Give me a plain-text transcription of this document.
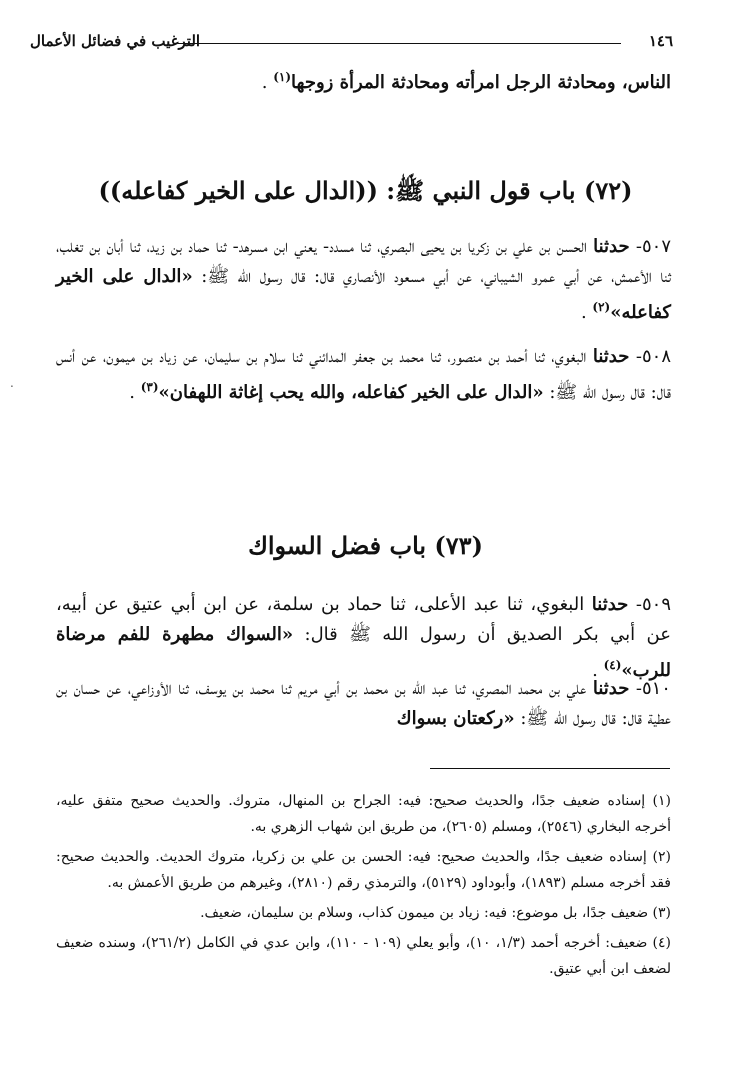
١٤٦
الترغيب في فضائل الأعمال
الناس، ومحادثة الرجل امرأته ومحادثة المرأة زوجها$^{(١)}$ .
(٧٢) باب قول النبي ﷺ: ((الدال على الخير كفاعله))
٥٠٧- حدثنا الحسن بن علي بن زكريا بن يحيى البصري، ثنا مسدد- يعني ابن مسرهد- ثنا حماد بن زيد، ثنا أبان بن تغلب، ثنا الأعمش، عن أبي عمرو الشيباني، عن أبي مسعود الأنصاري قال: قال رسول الله ﷺ: «الدال على الخير كفاعله»$^{(٢)}$ .
.
٥٠٨- حدثنا البغوي، ثنا أحمد بن منصور، ثنا محمد بن جعفر المدائني ثنا سلام بن سليمان، عن زياد بن ميمون، عن أنس قال: قال رسول الله ﷺ: «الدال على الخير كفاعله، والله يحب إغاثة اللهفان»$^{(٣)}$ .
(٧٣) باب فضل السواك
٥٠٩- حدثنا البغوي، ثنا عبد الأعلى، ثنا حماد بن سلمة، عن ابن أبي عتيق عن أبيه، عن أبي بكر الصديق أن رسول الله ﷺ قال: «السواك مطهرة للفم مرضاة للرب»$^{(٤)}$ .
٥١٠- حدثنا علي بن محمد المصري، ثنا عبد الله بن محمد بن أبي مريم ثنا محمد بن يوسف، ثنا الأوزاعي، عن حسان بن عطية قال: قال رسول الله ﷺ: «ركعتان بسواك
(١) إسناده ضعيف جدًا، والحديث صحيح: فيه: الجراح بن المنهال، متروك. والحديث صحيح متفق عليه، أخرجه البخاري (٢٥٤٦)، ومسلم (٢٦٠٥)، من طريق ابن شهاب الزهري به.
(٢) إسناده ضعيف جدًا، والحديث صحيح: فيه: الحسن بن علي بن زكريا، متروك الحديث. والحديث صحيح: فقد أخرجه مسلم (١٨٩٣)، وأبوداود (٥١٢٩)، والترمذي رقم (٢٨١٠)، وغيرهم من طريق الأعمش به.
(٣) ضعيف جدًا، بل موضوع: فيه: زياد بن ميمون كذاب، وسلام بن سليمان، ضعيف.
(٤) ضعيف: أخرجه أحمد (١/٣، ١٠)، وأبو يعلي (١٠٩ - ١١٠)، وابن عدي في الكامل (٢٦١/٢)، وسنده ضعيف لضعف ابن أبي عتيق.
